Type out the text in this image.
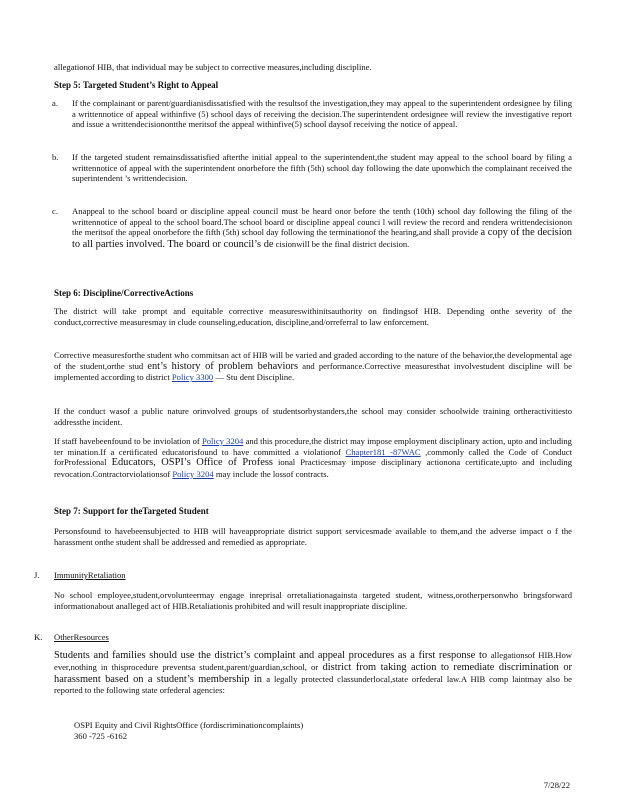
allegationof HIB, that individual may be subject to corrective measures,including discipline.

Step 5: Targeted Student’s Right to Appeal

a. If the complainant or parent/guardianisdissatisfied with the resultsof the investigation,they may appeal to the superintendent ordesignee by filing a writtennotice of appeal withinfive (5) school days of receiving the decision.The superintendent ordesignee will review the investigative report and issue a writtendecisionontthe meritsof the appeal withinfive(5) school daysof receiving the notice of appeal.
b. If the targeted student remainsdissatisfied afterthe initial appeal to the superintendent,the student may appeal to the school board by filing a writtennotice of appeal with the superintendent onorbefore the fifth (5th) school day following the date uponwhich the complainant received the superintendent ’s writtendecision.
c. Anappeal to the school board or discipline appeal council must be heard onor before the tenth (10th) school day following the filing of the writtennotice of appeal to the school board.The school board or discipline appeal counci l will review the record and rendera writtendecisionon the meritsof the appeal onorbefore the fifth (5th) school day following the terminationof the hearing,and shall provide a copy of the decision to all parties involved. The board or council’s de cisionwill be the final district decision.

Step 6: Discipline/CorrectiveActions

The district will take prompt and equitable corrective measureswithinitsauthority on findingsof HIB. Depending onthe severity of the conduct,corrective measuresmay in clude counseling,education, discipline,and/orreferral to law enforcement.

Corrective measuresforthe student who commitsan act of HIB will be varied and graded according to the nature of the behavior,the developmental age of the student,orthe stud ent’s history of problem behaviors and performance.Corrective measuresthat involvestudent discipline will be implemented according to district Policy 3300 — Stu dent Discipline.

If the conduct wasof a public nature orinvolved groups of studentsorbystanders,the school may consider schoolwide training ortheractivitiesto addressthe incident.

If staff havebeenfound to be inviolation of Policy 3204 and this procedure,the district may impose employment disciplinary action, upto and including ter mination.If a certificated educatorisfound to have committed a violationof Chapter181 -87WAC ,commonly called the Code of Conduct forProfessional Educators, OSPI’s Office of Profess ional Practicesmay impose disciplinary actionona certificate,upto and including revocation.Contractorviolationsof Policy 3204 may include the lossof contracts.

Step 7: Support for theTargeted Student

Personsfound to havebeensubjected to HIB will haveappropriate district support servicesmade available to them,and the adverse impact o f the harassment onthe student shall be addressed and remedied as appropriate.

J. ImmunityRetaliation

No school employee,student,orvolunteermay engage inreprisal orretaliationagainsta targeted student, witness,orotherpersonwho bringsforward informationabout analleged act of HIB.Retaliationis prohibited and will result inappropriate discipline.

K. OtherResources
Students and families should use the district’s complaint and appeal procedures as a first response to allegationsof HIB.How ever,nothing in thisprocedure preventsa student,parent/guardian,school, or district from taking action to remediate discrimination or harassment based on a student’s membership in a legally protected classunderlocal,state orfederal law.A HIB comp laintmay also be reported to the following state orfederal agencies:
OSPI Equity and Civil RightsOffice (fordiscriminationcomplaints)
360 -725 -6162
7/28/22
